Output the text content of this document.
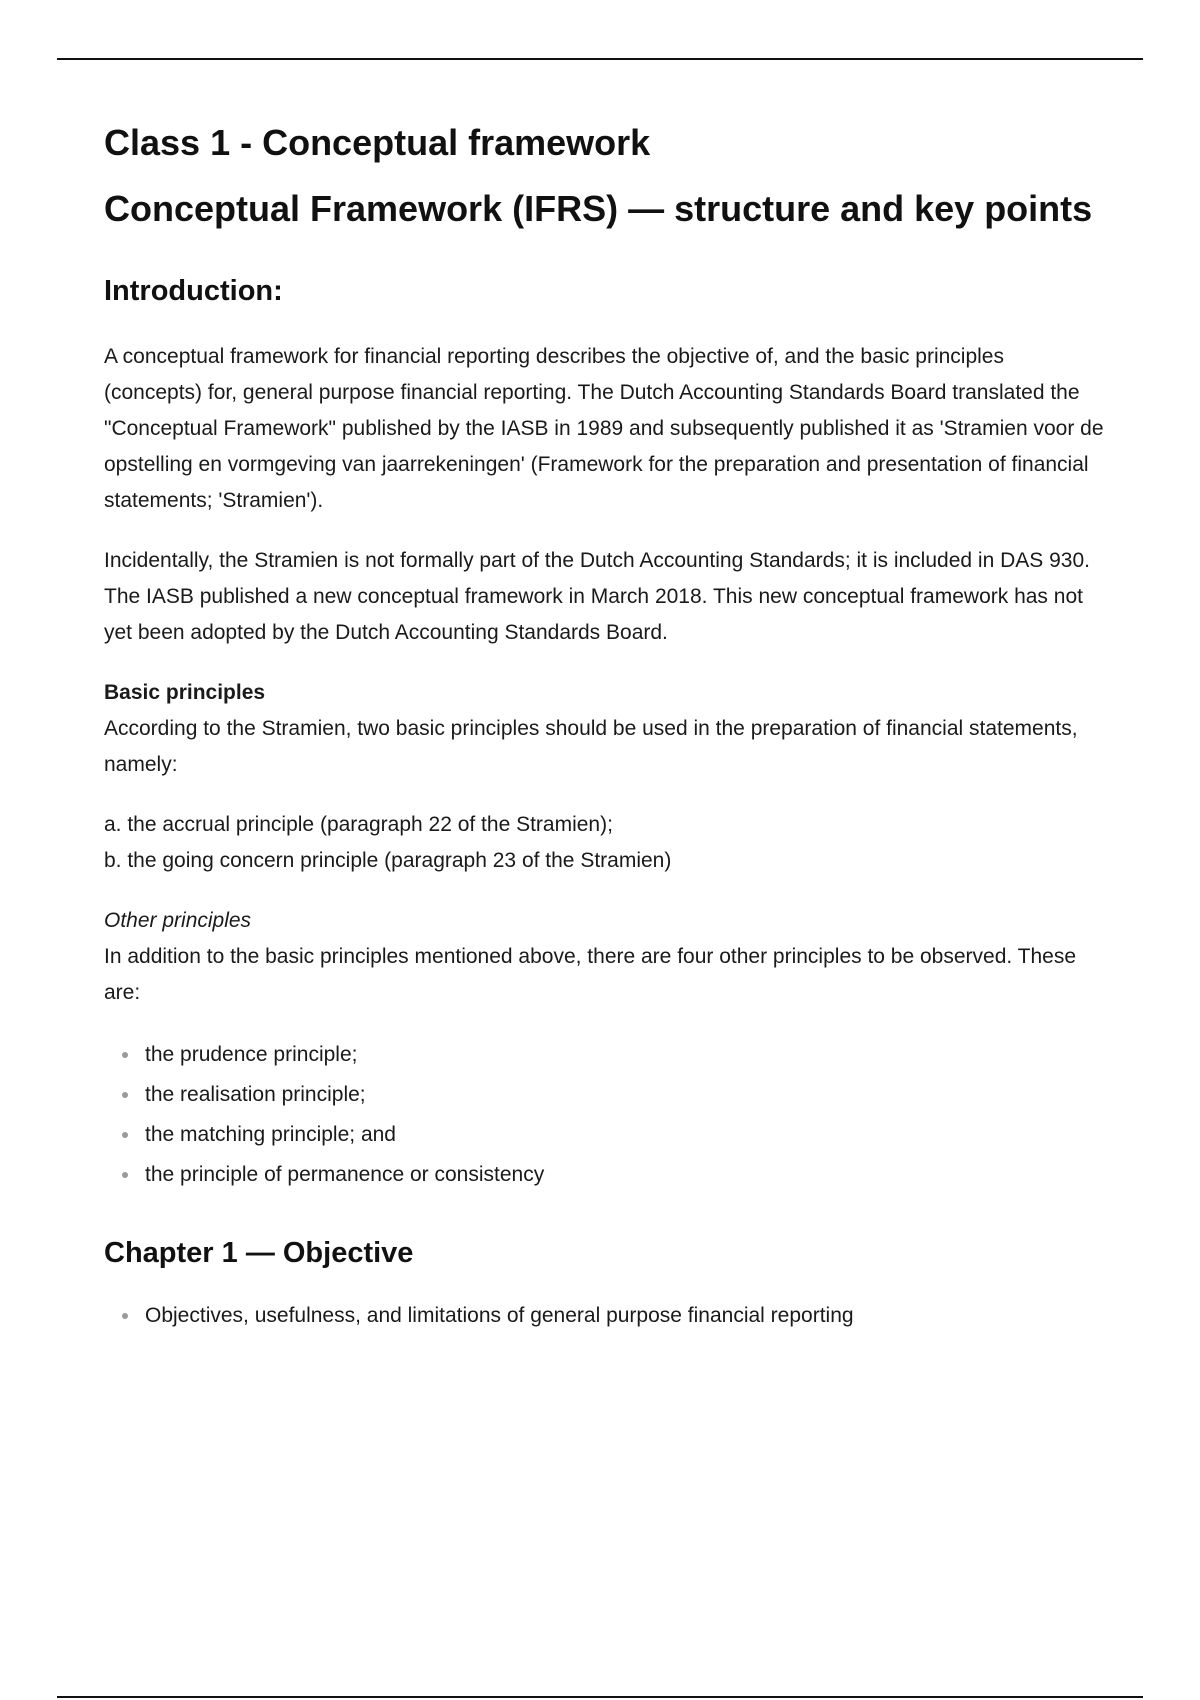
Class 1 - Conceptual framework
Conceptual Framework (IFRS) — structure and key points
Introduction:

A conceptual framework for financial reporting describes the objective of, and the basic principles (concepts) for, general purpose financial reporting. The Dutch Accounting Standards Board translated the "Conceptual Framework" published by the IASB in 1989 and subsequently published it as 'Stramien voor de opstelling en vormgeving van jaarrekeningen' (Framework for the preparation and presentation of financial statements; 'Stramien').

Incidentally, the Stramien is not formally part of the Dutch Accounting Standards; it is included in DAS 930. The IASB published a new conceptual framework in March 2018. This new conceptual framework has not yet been adopted by the Dutch Accounting Standards Board.

Basic principles

According to the Stramien, two basic principles should be used in the preparation of financial statements, namely:

a. the accrual principle (paragraph 22 of the Stramien);

b. the going concern principle (paragraph 23 of the Stramien)

Other principles

In addition to the basic principles mentioned above, there are four other principles to be observed. These are:

the prudence principle;
the realisation principle;
the matching principle; and
the principle of permanence or consistency
Chapter 1 — Objective
Objectives, usefulness, and limitations of general purpose financial reporting
